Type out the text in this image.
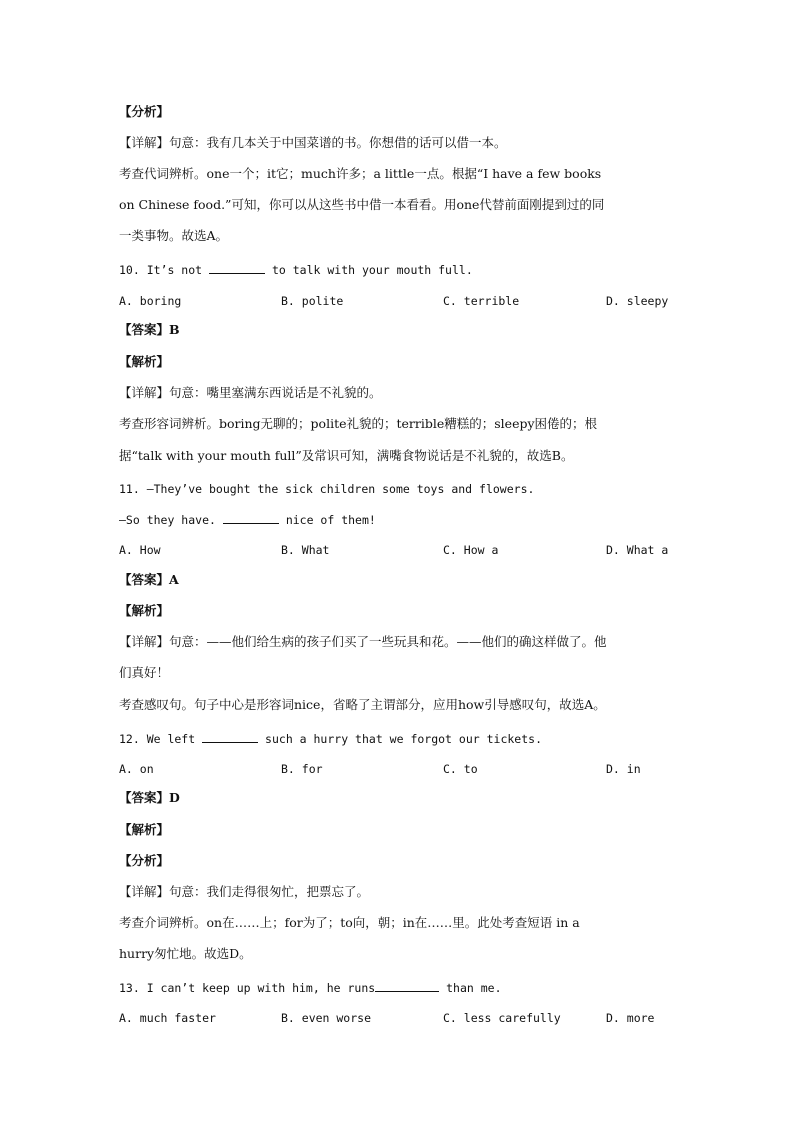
【分析】
【详解】句意：我有几本关于中国菜谱的书。你想借的话可以借一本。
考查代词辨析。one一个；it它；much许多；a little一点。根据“I have a few books
on Chinese food.”可知，你可以从这些书中借一本看看。用one代替前面刚提到过的同
一类事物。故选A。
10. It’s not	to talk with your mouth full.
A. boring	B. polite	C. terrible	D. sleepy
【答案】B
【解析】
【详解】句意：嘴里塞满东西说话是不礼貌的。
考查形容词辨析。boring无聊的；polite礼貌的；terrible糟糕的；sleepy困倦的；根
据“talk with your mouth full”及常识可知，满嘴食物说话是不礼貌的，故选B。
11. —They’ve bought the sick children some toys and flowers.
—So they have.	nice of them!
A. How	B. What	C. How a	D. What a
【答案】A
【解析】
【详解】句意：——他们给生病的孩子们买了一些玩具和花。——他们的确这样做了。他
们真好！
考查感叹句。句子中心是形容词nice，省略了主谓部分，应用how引导感叹句，故选A。
12. We left	such a hurry that we forgot our tickets.
A. on	B. for	C. to	D. in
【答案】D
【解析】
【分析】
【详解】句意：我们走得很匆忙，把票忘了。
考查介词辨析。on在……上；for为了；to向，朝；in在……里。此处考查短语 in a
hurry匆忙地。故选D。
13. I can’t keep up with him, he runs	than me.
A. much faster	B. even worse	C. less carefully	D. more
